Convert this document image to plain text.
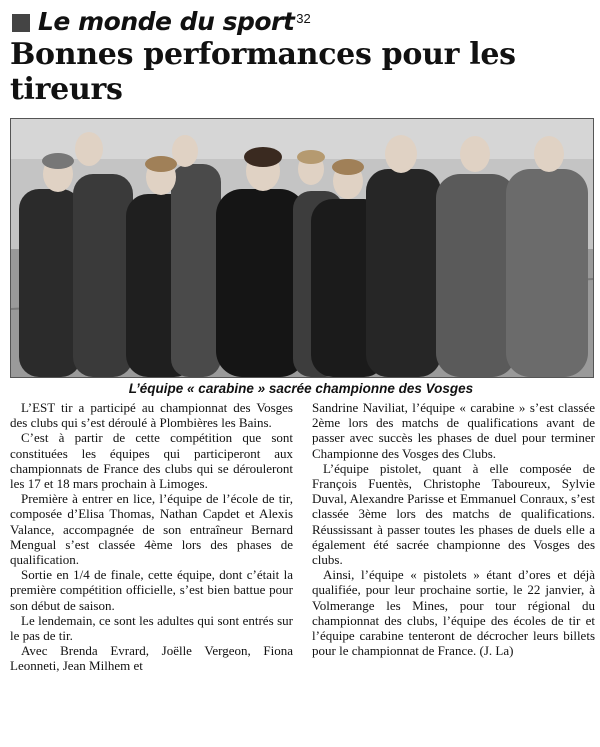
Le monde du sport 32
Bonnes performances pour les tireurs
L’équipe « carabine » sacrée championne des Vosges

L’EST tir a participé au championnat des Vosges des clubs qui s’est déroulé à Plombières les Bains.

C’est à partir de cette compétition que sont constituées les équipes qui participeront aux championnats de France des clubs qui se dérouleront les 17 et 18 mars prochain à Limoges.

Première à entrer en lice, l’équipe de l’école de tir, composée d’Elisa Thomas, Nathan Capdet et Alexis Valance, accompagnée de son entraîneur Bernard Mengual s’est classée 4ème lors des phases de qualification.

Sortie en 1/4 de finale, cette équipe, dont c’était la première compétition officielle, s’est bien battue pour son début de saison.

Le lendemain, ce sont les adultes qui sont entrés sur le pas de tir.

Avec Brenda Evrard, Joëlle Vergeon, Fiona Leonneti, Jean Milhem et

Sandrine Naviliat, l’équipe « carabine » s’est classée 2ème lors des matchs de qualifications avant de passer avec succès les phases de duel pour terminer Championne des Vosges des Clubs.

L’équipe pistolet, quant à elle composée de François Fuentès, Christophe Taboureux, Sylvie Duval, Alexandre Parisse et Emmanuel Conraux, s’est classée 3ème lors des matchs de qualifications. Réussissant à passer toutes les phases de duels elle a également été sacrée championne des Vosges des clubs.

Ainsi, l’équipe « pistolets » étant d’ores et déjà qualifiée, pour leur prochaine sortie, le 22 janvier, à Volmerange les Mines, pour tour régional du championnat des clubs, l’équipe des écoles de tir et l’équipe carabine tenteront de décrocher leurs billets pour le championnat de France. (J. La)
